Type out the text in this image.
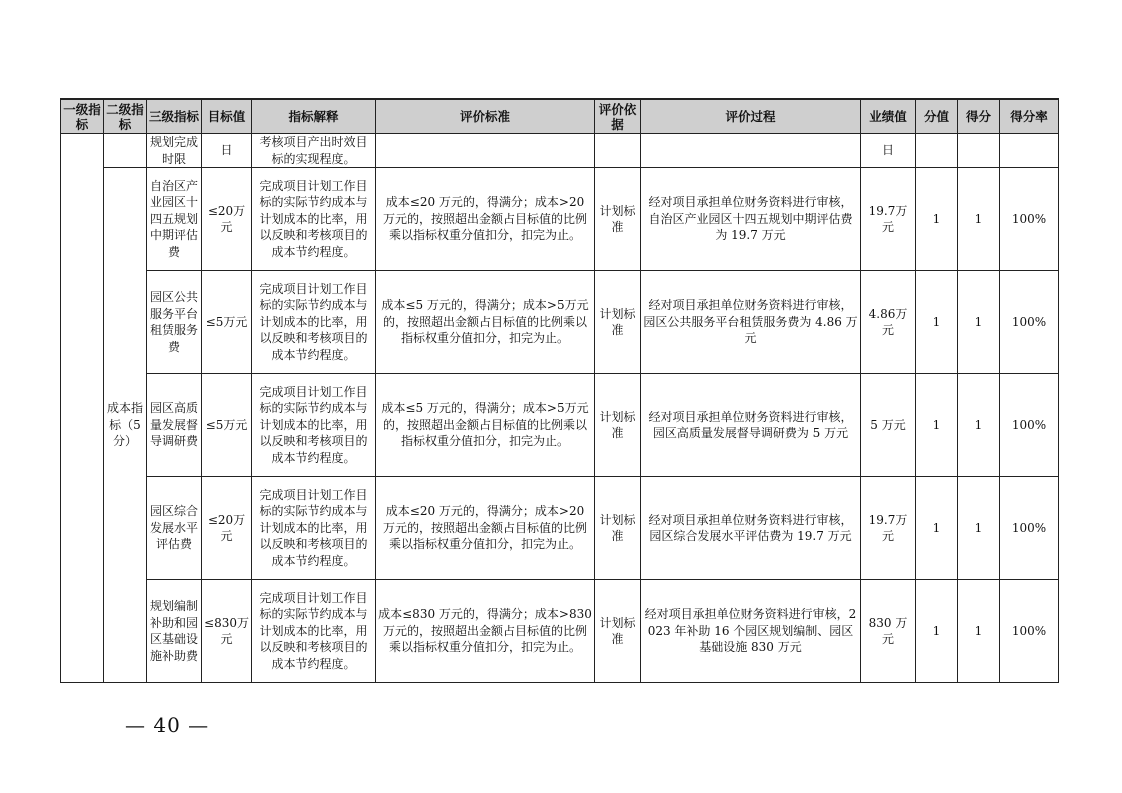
一级指标	二级指标	三级指标	目标值	指标解释	评价标准	评价依据	评价过程	业绩值	分值	得分	得分率
		规划完成时限	日	考核项目产出时效目标的实现程度。				日			
	成本指标（5分）	自治区产业园区十四五规划中期评估费	≤20万元	完成项目计划工作目标的实际节约成本与计划成本的比率，用以反映和考核项目的成本节约程度。	成本≤20 万元的，得满分；成本>20 万元的，按照超出金额占目标值的比例乘以指标权重分值扣分，扣完为止。	计划标准	经对项目承担单位财务资料进行审核，自治区产业园区十四五规划中期评估费为 19.7 万元	19.7万元	1	1	100%
		园区公共服务平台租赁服务费	≤5万元	完成项目计划工作目标的实际节约成本与计划成本的比率，用以反映和考核项目的成本节约程度。	成本≤5 万元的，得满分；成本>5万元的，按照超出金额占目标值的比例乘以指标权重分值扣分，扣完为止。	计划标准	经对项目承担单位财务资料进行审核，园区公共服务平台租赁服务费为 4.86 万元	4.86万元	1	1	100%
		园区高质量发展督导调研费	≤5万元	完成项目计划工作目标的实际节约成本与计划成本的比率，用以反映和考核项目的成本节约程度。	成本≤5 万元的，得满分；成本>5万元的，按照超出金额占目标值的比例乘以指标权重分值扣分，扣完为止。	计划标准	经对项目承担单位财务资料进行审核，园区高质量发展督导调研费为 5 万元	5 万元	1	1	100%
		园区综合发展水平评估费	≤20万元	完成项目计划工作目标的实际节约成本与计划成本的比率，用以反映和考核项目的成本节约程度。	成本≤20 万元的，得满分；成本>20 万元的，按照超出金额占目标值的比例乘以指标权重分值扣分，扣完为止。	计划标准	经对项目承担单位财务资料进行审核，园区综合发展水平评估费为 19.7 万元	19.7万元	1	1	100%
		规划编制补助和园区基础设施补助费	≤830万元	完成项目计划工作目标的实际节约成本与计划成本的比率，用以反映和考核项目的成本节约程度。	成本≤830 万元的，得满分；成本>830 万元的，按照超出金额占目标值的比例乘以指标权重分值扣分，扣完为止。	计划标准	经对项目承担单位财务资料进行审核，2023 年补助 16 个园区规划编制、园区基础设施 830 万元	830 万元	1	1	100%
— 40 —
